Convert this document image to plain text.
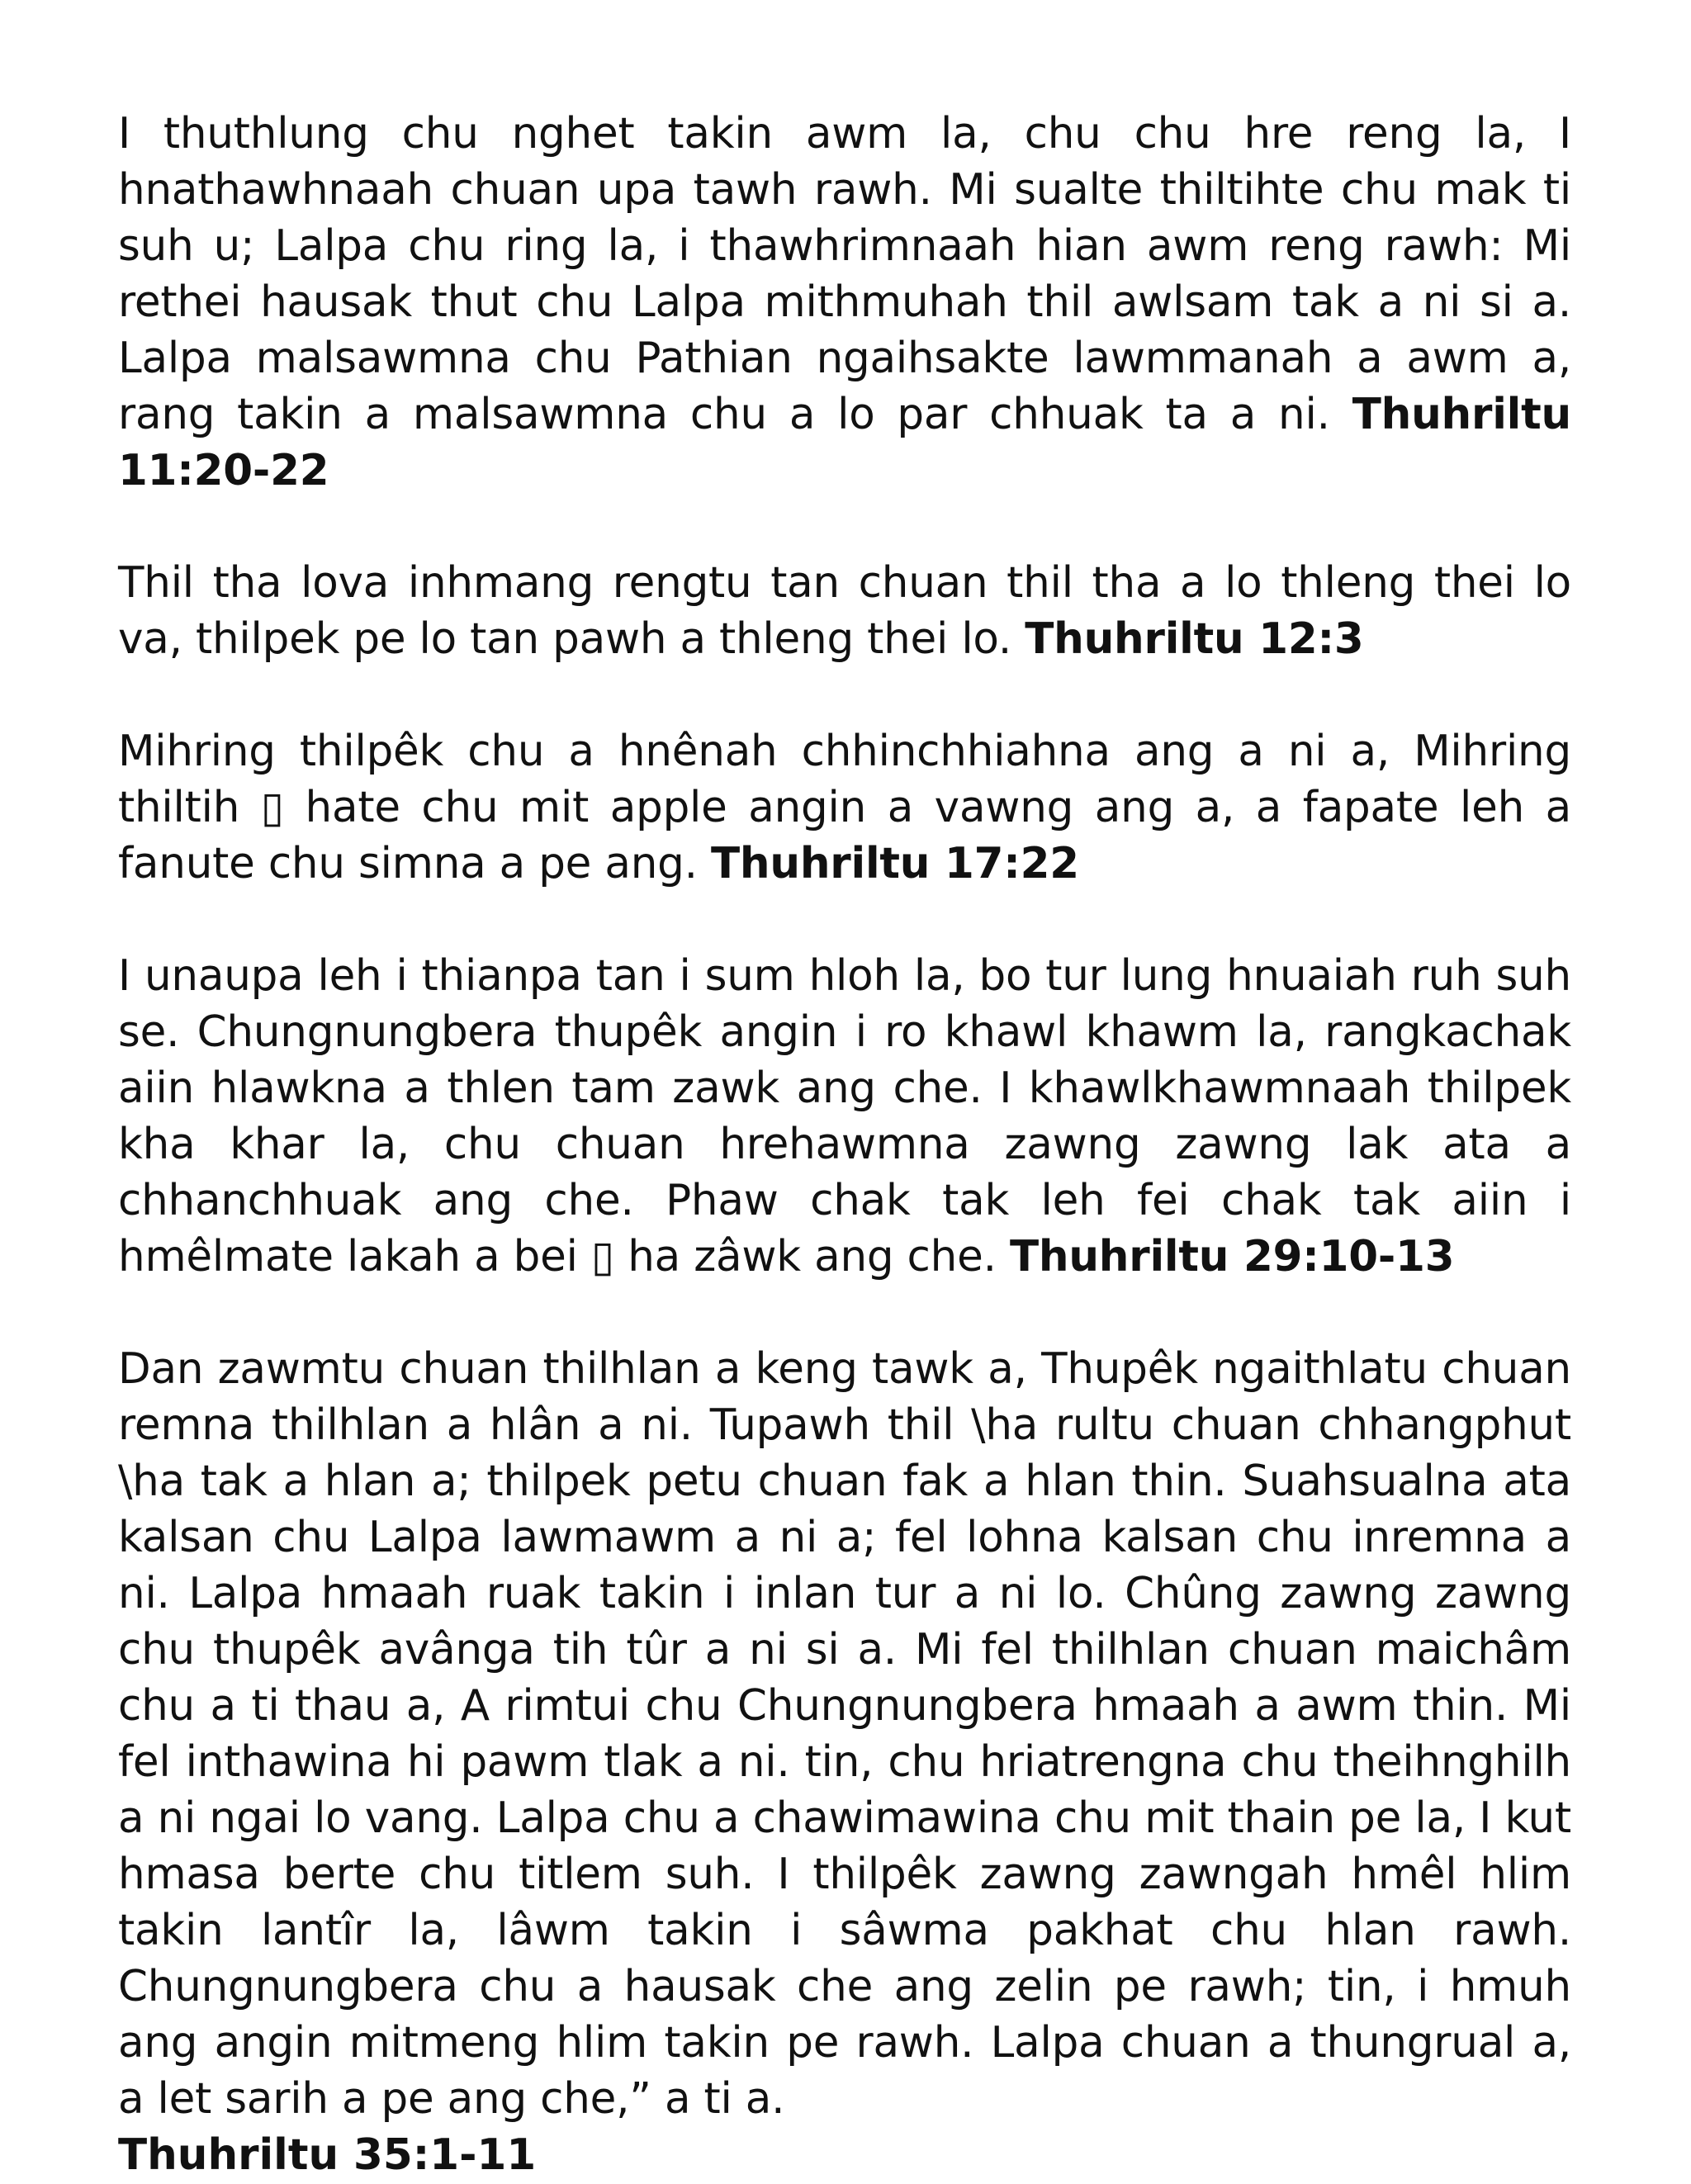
I thuthlung chu nghet takin awm la, chu chu hre reng la, I hnathawhnaah chuan upa tawh rawh. Mi sualte thiltihte chu mak ti suh u; Lalpa chu ring la, i thawhrimnaah hian awm reng rawh: Mi rethei hausak thut chu Lalpa mithmuhah thil awlsam tak a ni si a. Lalpa malsawmna chu Pathian ngaihsakte lawmmanah a awm a, rang takin a malsawmna chu a lo par chhuak ta a ni. Thuhriltu 11:20-22

Thil tha lova inhmang rengtu tan chuan thil tha a lo thleng thei lo va, thilpek pe lo tan pawh a thleng thei lo. Thuhriltu 12:3

Mihring thilpêk chu a hnênah chhinchhiahna ang a ni a, Mihring thiltih ▯ hate chu mit apple angin a vawng ang a, a fapate leh a fanute chu simna a pe ang. Thuhriltu 17:22

I unaupa leh i thianpa tan i sum hloh la, bo tur lung hnuaiah ruh suh se. Chungnungbera thupêk angin i ro khawl khawm la, rangkachak aiin hlawkna a thlen tam zawk ang che. I khawlkhawmnaah thilpek kha khar la, chu chuan hrehawmna zawng zawng lak ata a chhanchhuak ang che. Phaw chak tak leh fei chak tak aiin i hmêlmate lakah a bei ▯ ha zâwk ang che. Thuhriltu 29:10-13

Dan zawmtu chuan thilhlan a keng tawk a, Thupêk ngaithlatu chuan remna thilhlan a hlân a ni. Tupawh thil \ha rultu chuan chhangphut \ha tak a hlan a; thilpek petu chuan fak a hlan thin. Suahsualna ata kalsan chu Lalpa lawmawm a ni a; fel lohna kalsan chu inremna a ni. Lalpa hmaah ruak takin i inlan tur a ni lo. Chûng zawng zawng chu thupêk avânga tih tûr a ni si a. Mi fel thilhlan chuan maichâm chu a ti thau a, A rimtui chu Chungnungbera hmaah a awm thin. Mi fel inthawina hi pawm tlak a ni. tin, chu hriatrengna chu theihnghilh a ni ngai lo vang. Lalpa chu a chawimawina chu mit thain pe la, I kut hmasa berte chu titlem suh. I thilpêk zawng zawngah hmêl hlim takin lantîr la, lâwm takin i sâwma pakhat chu hlan rawh. Chungnungbera chu a hausak che ang zelin pe rawh; tin, i hmuh ang angin mitmeng hlim takin pe rawh. Lalpa chuan a thungrual a, a let sarih a pe ang che,” a ti a.

Thuhriltu 35:1-11
